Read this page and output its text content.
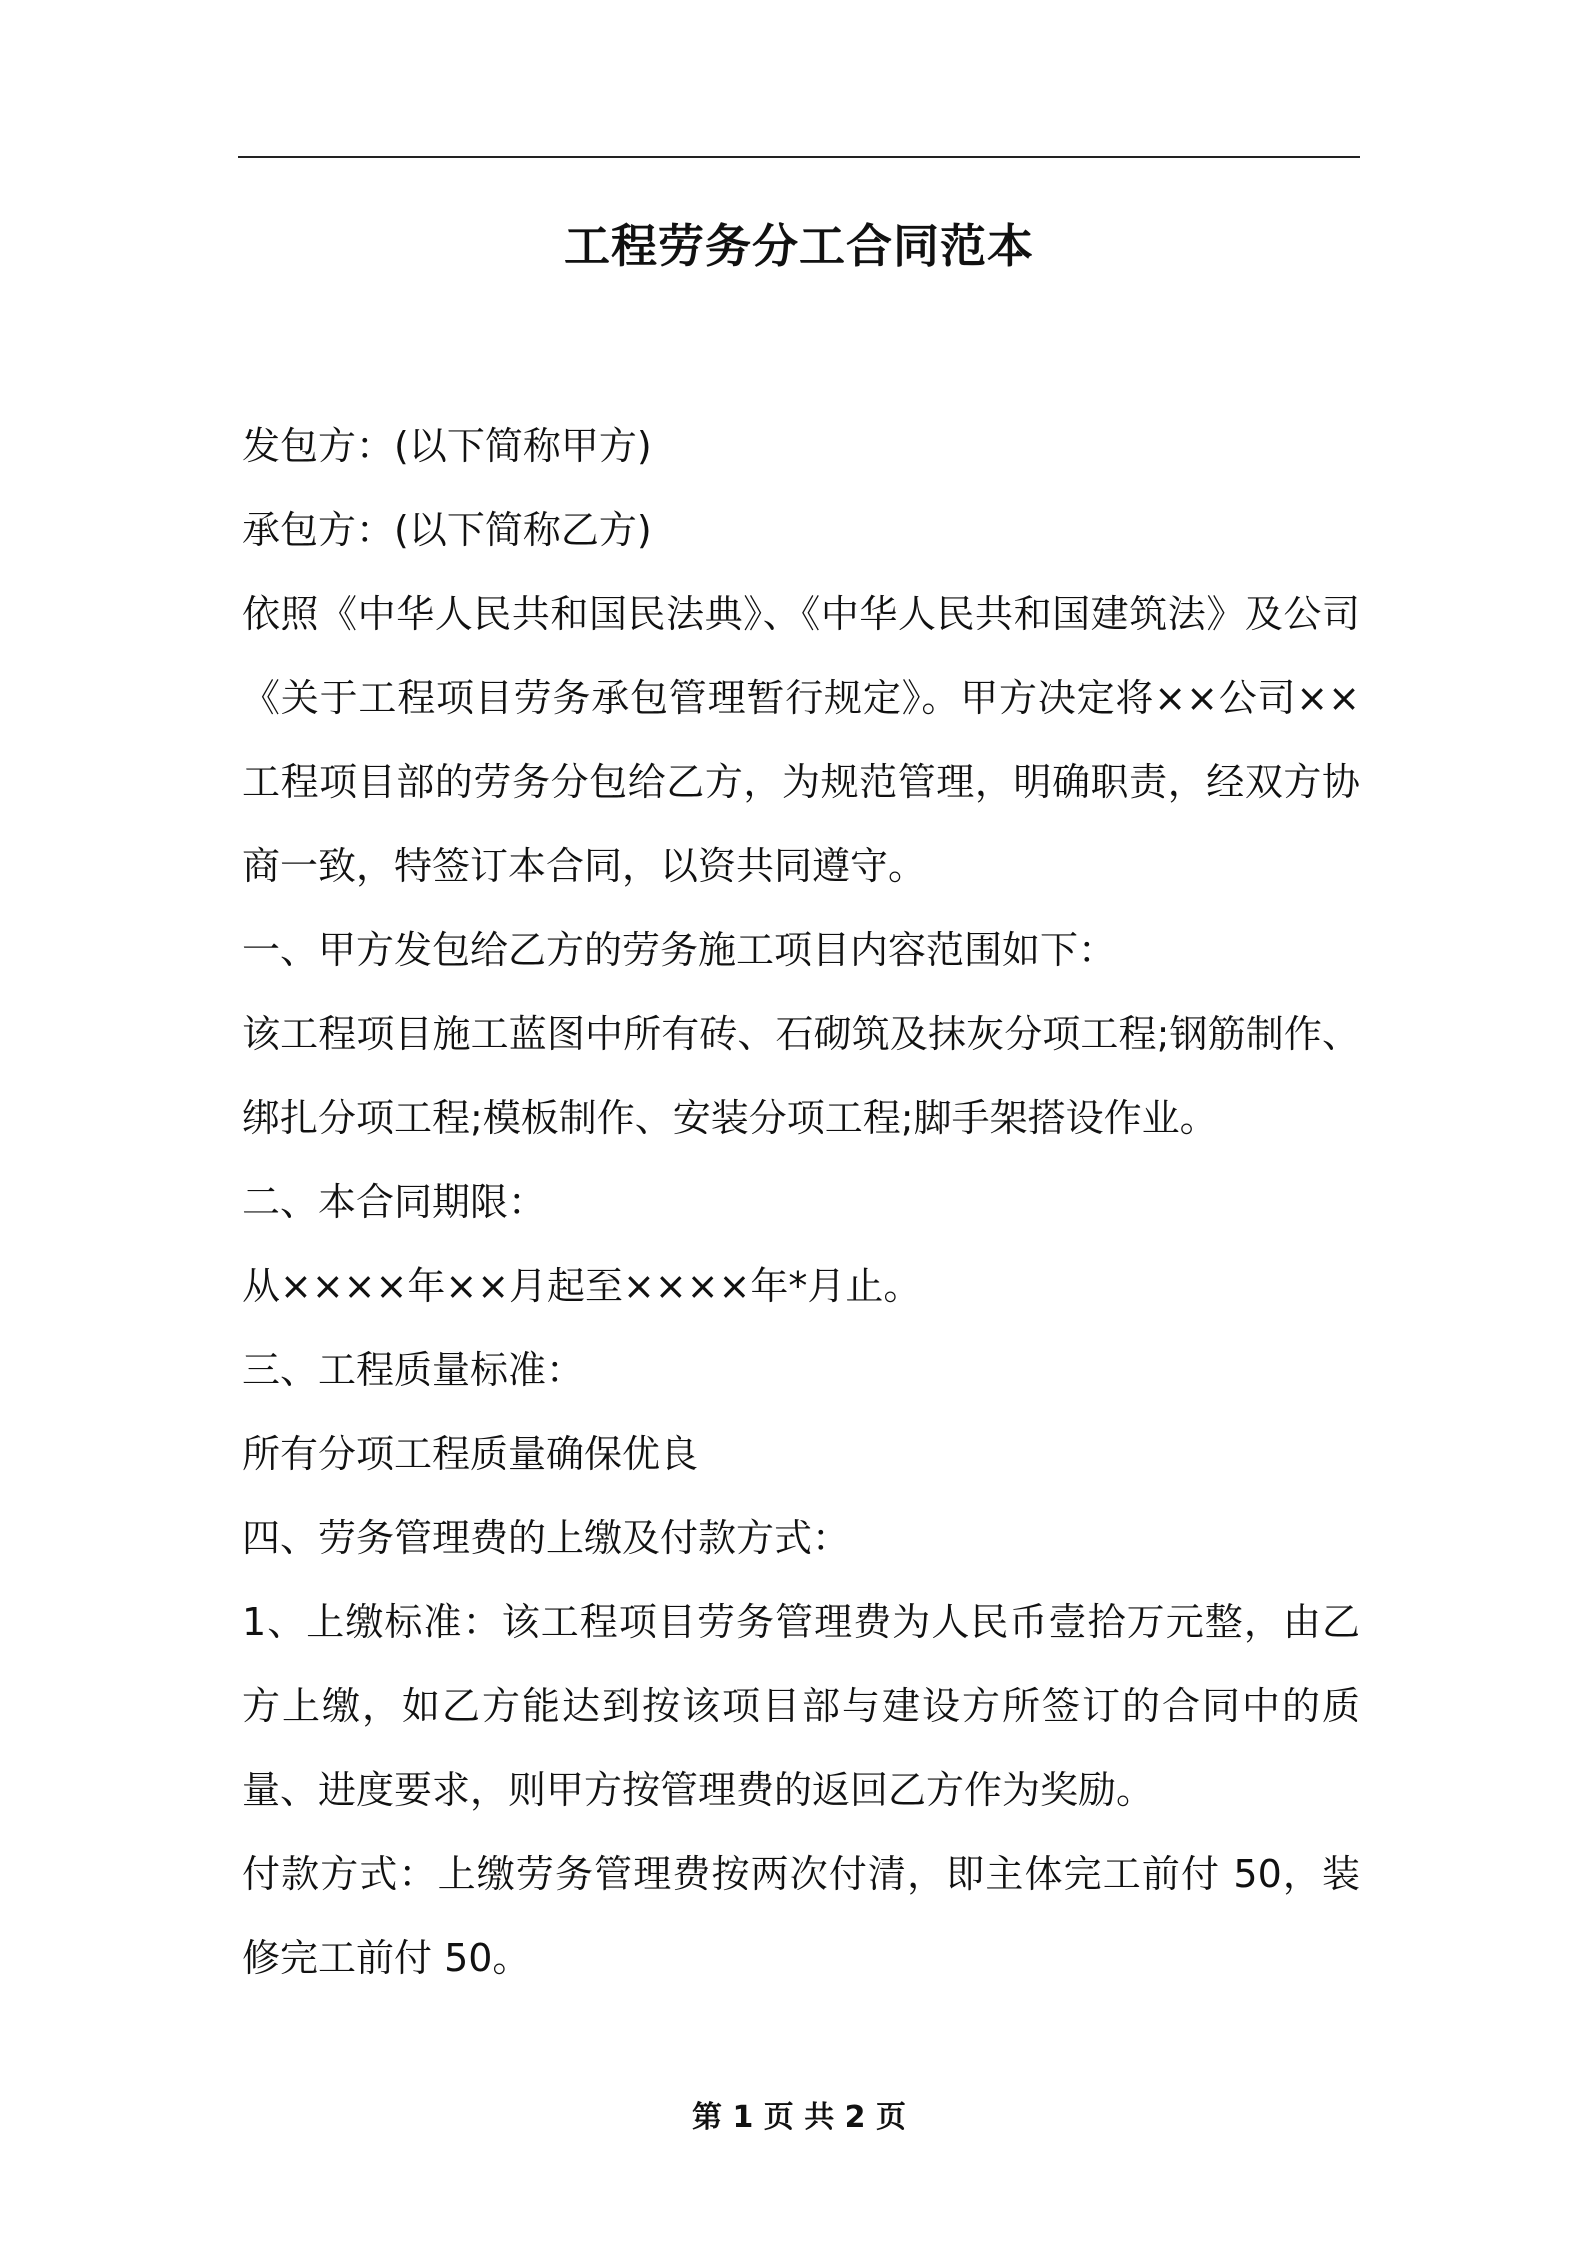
工程劳务分工合同范本

发包方：(以下简称甲方)

承包方：(以下简称乙方)

依照《中华人民共和国民法典》、《中华人民共和国建筑法》及公司《关于工程项目劳务承包管理暂行规定》。甲方决定将××公司××工程项目部的劳务分包给乙方，为规范管理，明确职责，经双方协商一致，特签订本合同，以资共同遵守。

一、甲方发包给乙方的劳务施工项目内容范围如下：

该工程项目施工蓝图中所有砖、石砌筑及抹灰分项工程;钢筋制作、绑扎分项工程;模板制作、安装分项工程;脚手架搭设作业。

二、本合同期限：

从××××年××月起至××××年*月止。

三、工程质量标准：

所有分项工程质量确保优良

四、劳务管理费的上缴及付款方式：

1、上缴标准：该工程项目劳务管理费为人民币壹拾万元整，由乙方上缴，如乙方能达到按该项目部与建设方所签订的合同中的质量、进度要求，则甲方按管理费的返回乙方作为奖励。

付款方式：上缴劳务管理费按两次付清，即主体完工前付 50，装修完工前付 50。

第 1 页 共 2 页
